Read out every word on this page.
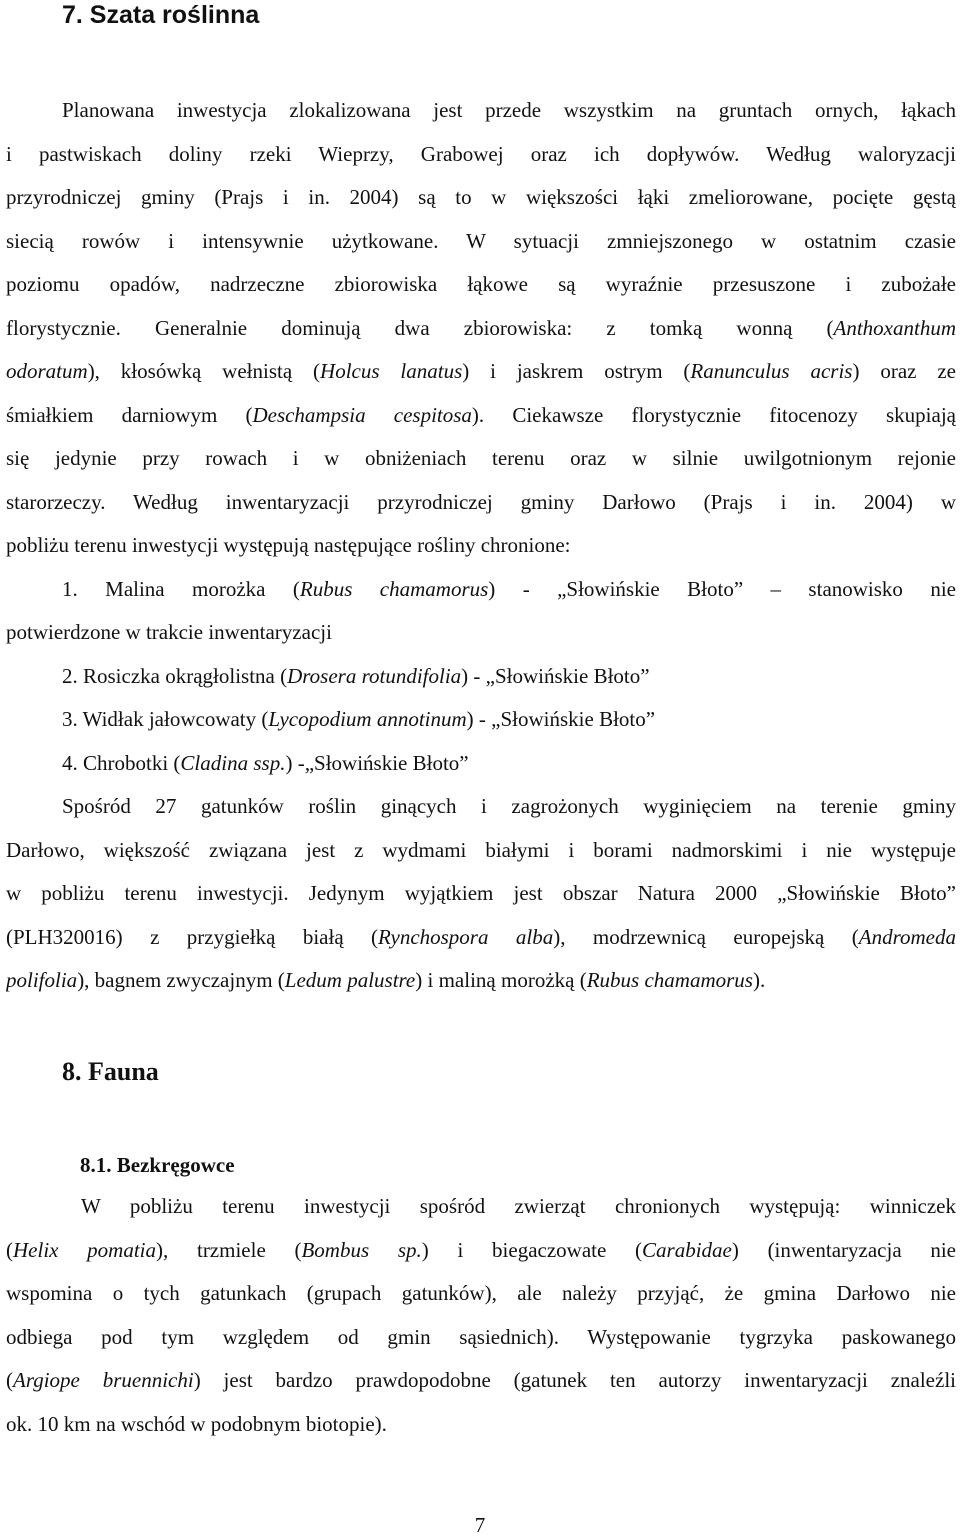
7. Szata roślinna
Planowana inwestycja zlokalizowana jest przede wszystkim na gruntach ornych, łąkach
i pastwiskach doliny rzeki Wieprzy, Grabowej oraz ich dopływów. Według waloryzacji
przyrodniczej gminy (Prajs i in. 2004) są to w większości łąki zmeliorowane, pocięte gęstą
siecią rowów i intensywnie użytkowane. W sytuacji zmniejszonego w ostatnim czasie
poziomu opadów, nadrzeczne zbiorowiska łąkowe są wyraźnie przesuszone i zubożałe
florystycznie. Generalnie dominują dwa zbiorowiska: z tomką wonną (Anthoxanthum
odoratum), kłosówką wełnistą (Holcus lanatus) i jaskrem ostrym (Ranunculus acris) oraz ze
śmiałkiem darniowym (Deschampsia cespitosa). Ciekawsze florystycznie fitocenozy skupiają
się jedynie przy rowach i w obniżeniach terenu oraz w silnie uwilgotnionym rejonie
starorzeczy. Według inwentaryzacji przyrodniczej gminy Darłowo (Prajs i in. 2004) w
pobliżu terenu inwestycji występują następujące rośliny chronione:
1. Malina morożka (Rubus chamamorus) - „Słowińskie Błoto” – stanowisko nie
potwierdzone w trakcie inwentaryzacji
2. Rosiczka okrągłolistna (Drosera rotundifolia) - „Słowińskie Błoto”
3. Widłak jałowcowaty (Lycopodium annotinum) - „Słowińskie Błoto”
4. Chrobotki (Cladina ssp.) -„Słowińskie Błoto”
Spośród 27 gatunków roślin ginących i zagrożonych wyginięciem na terenie gminy
Darłowo, większość związana jest z wydmami białymi i borami nadmorskimi i nie występuje
w pobliżu terenu inwestycji. Jedynym wyjątkiem jest obszar Natura 2000 „Słowińskie Błoto”
(PLH320016) z przygiełką białą (Rynchospora alba), modrzewnicą europejską (Andromeda
polifolia), bagnem zwyczajnym (Ledum palustre) i maliną morożką (Rubus chamamorus).
8. Fauna
8.1. Bezkręgowce
W pobliżu terenu inwestycji spośród zwierząt chronionych występują: winniczek
(Helix pomatia), trzmiele (Bombus sp.) i biegaczowate (Carabidae) (inwentaryzacja nie
wspomina o tych gatunkach (grupach gatunków), ale należy przyjąć, że gmina Darłowo nie
odbiega pod tym względem od gmin sąsiednich). Występowanie tygrzyka paskowanego
(Argiope bruennichi) jest bardzo prawdopodobne (gatunek ten autorzy inwentaryzacji znaleźli
ok. 10 km na wschód w podobnym biotopie).
7
